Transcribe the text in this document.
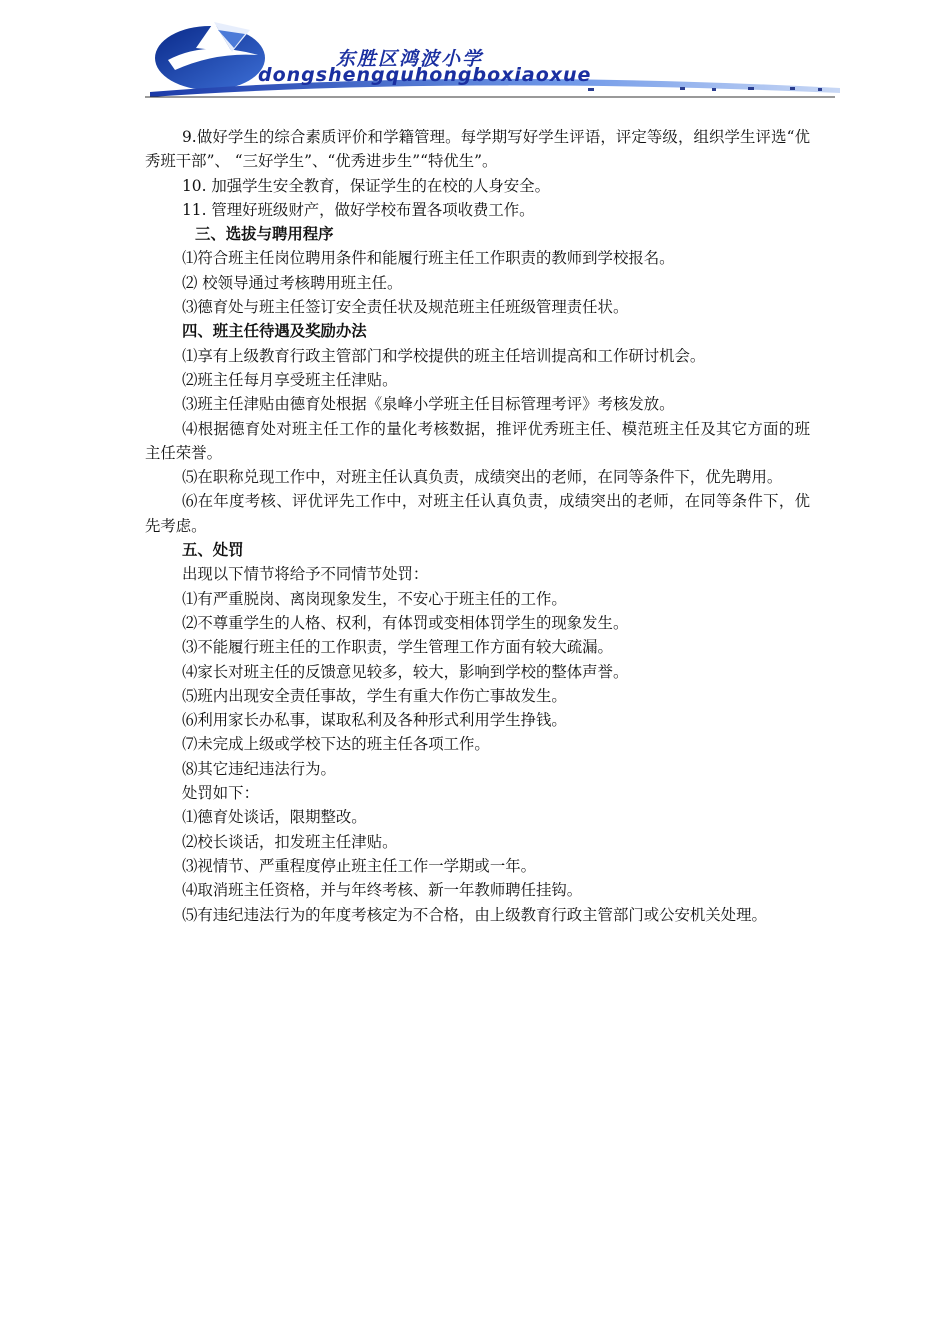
东胜区鸿波小学
dongshengquhongboxiaoxue

9.做好学生的综合素质评价和学籍管理。每学期写好学生评语，评定等级，组织学生评选“优秀班干部”、 “三好学生”、“优秀进步生”“特优生”。

10. 加强学生安全教育，保证学生的在校的人身安全。

11. 管理好班级财产，做好学校布置各项收费工作。

三、选拔与聘用程序

⑴符合班主任岗位聘用条件和能履行班主任工作职责的教师到学校报名。

⑵ 校领导通过考核聘用班主任。

⑶德育处与班主任签订安全责任状及规范班主任班级管理责任状。

四、班主任待遇及奖励办法

⑴享有上级教育行政主管部门和学校提供的班主任培训提高和工作研讨机会。

⑵班主任每月享受班主任津贴。

⑶班主任津贴由德育处根据《泉峰小学班主任目标管理考评》考核发放。

⑷根据德育处对班主任工作的量化考核数据，推评优秀班主任、模范班主任及其它方面的班主任荣誉。

⑸在职称兑现工作中，对班主任认真负责，成绩突出的老师，在同等条件下，优先聘用。

⑹在年度考核、评优评先工作中，对班主任认真负责，成绩突出的老师，在同等条件下，优先考虑。

五、处罚

出现以下情节将给予不同情节处罚：

⑴有严重脱岗、离岗现象发生，不安心于班主任的工作。

⑵不尊重学生的人格、权利，有体罚或变相体罚学生的现象发生。

⑶不能履行班主任的工作职责，学生管理工作方面有较大疏漏。

⑷家长对班主任的反馈意见较多，较大，影响到学校的整体声誉。

⑸班内出现安全责任事故，学生有重大作伤亡事故发生。

⑹利用家长办私事，谋取私利及各种形式利用学生挣钱。

⑺未完成上级或学校下达的班主任各项工作。

⑻其它违纪违法行为。

处罚如下：

⑴德育处谈话，限期整改。

⑵校长谈话，扣发班主任津贴。

⑶视情节、严重程度停止班主任工作一学期或一年。

⑷取消班主任资格，并与年终考核、新一年教师聘任挂钩。

⑸有违纪违法行为的年度考核定为不合格，由上级教育行政主管部门或公安机关处理。
